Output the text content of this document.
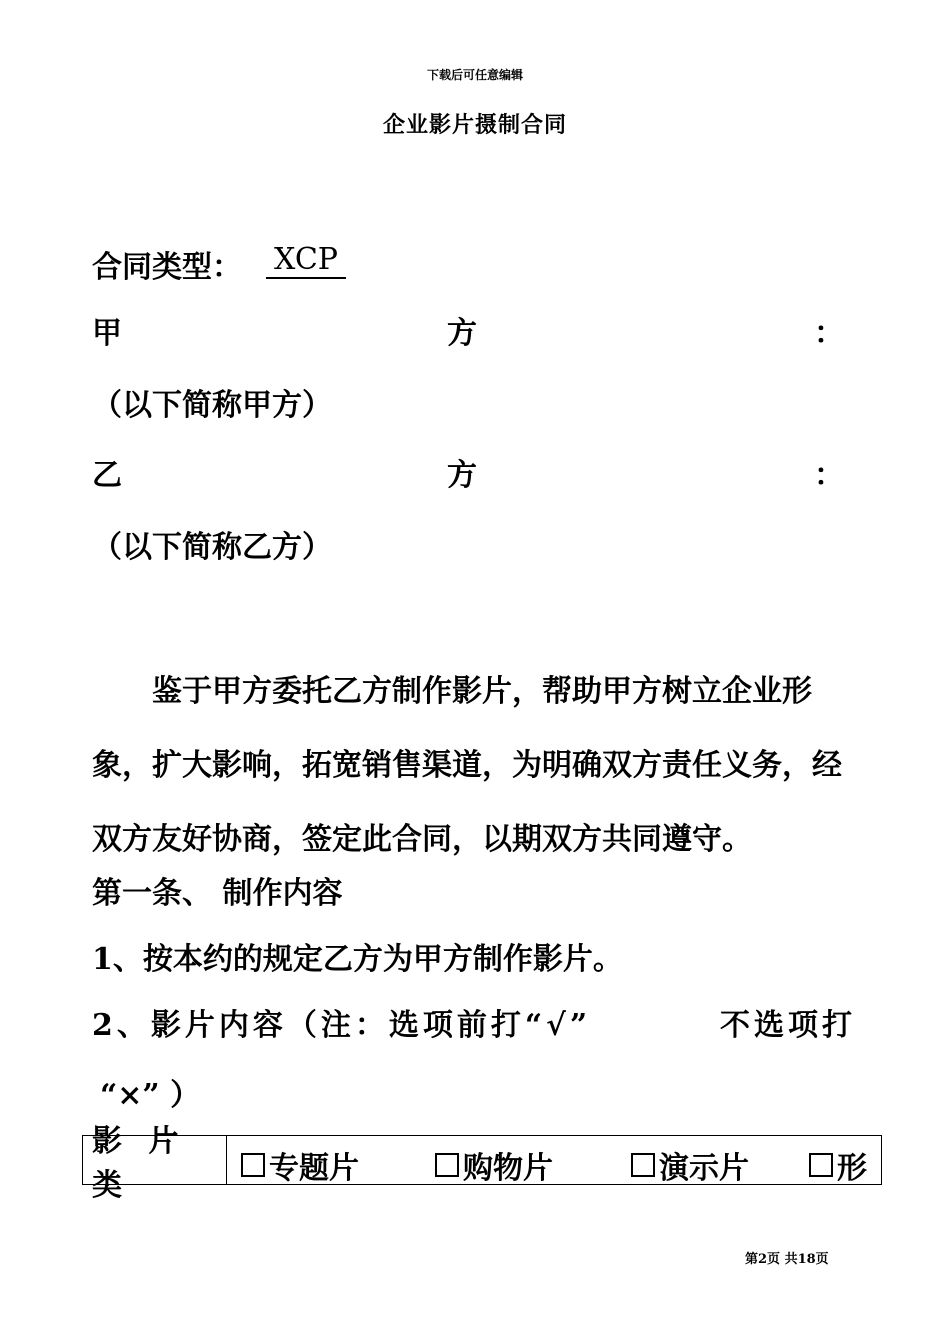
下载后可任意编辑
企业影片摄制合同
合同类型： XCP
甲	方	：
（以下简称甲方）
乙	方	：
（以下简称乙方）
鉴于甲方委托乙方制作影片，帮助甲方树立企业形象，扩大影响，拓宽销售渠道，为明确双方责任义务，经双方友好协商，签定此合同，以期双方共同遵守。
第一条、 制作内容
1、按本约的规定乙方为甲方制作影片。
2、影片内容（注：选项前打“√”	不选项打
“×” ）
影 片 类	专题片	购物片	演示片	形
第2页 共18页
